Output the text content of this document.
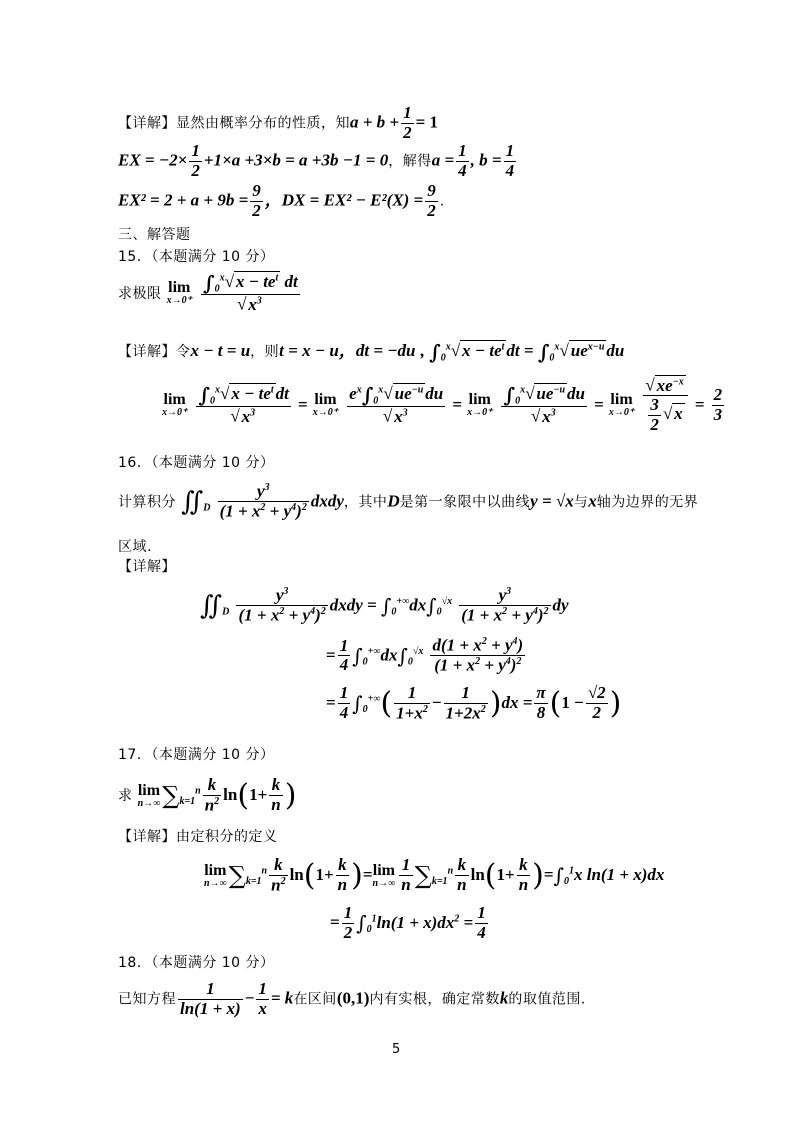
【详解】显然由概率分布的性质，知$a + b + \frac{1}{2} = 1$
EX = $-2\times \frac{1}{2} +1\times a +3\times b = a +3b -1 = 0$，解得$a = \frac{1}{4}$ , $b = \frac{1}{4}$
$EX^2 = 2 + a + 9b = \frac{9}{2}$ ，DX = $EX^2 - E^2(X) = \frac{9}{2}$ .
三、解答题
15．（本题满分 10 分）
求极限 lim
x→0⁺
$\frac{\int_0^x√ x - te^t dt}{√ x^3}$
【详解】令x − t = u，则t = x − u，dt = −du , $\int_0^x√$ $x - te^t$ dt = $\int_0^x√$ $ue^{x-u}$ du
lim
x→0⁺
$\frac{\int_0^x√ x - te^t dt}{√ x^3} = \lim$
x→0⁺
$\frac{e^x\int_0^x√ ue^{-u} du}{√ x^3} = \lim$
x→0⁺
$\frac{\int_0^x√ ue^{-u} du}{√ x^3} = \lim$
x→0⁺
$\frac{√ xe^{-x}}{\frac{3}{2} √ x} = \frac{2}{3}$
16．（本题满分 10 分）
计算积分 $∬_D \frac{y^3}{(1 + x^2 + y^4)^2}$ dxdy，其中D是第一象限中以曲线y = √x与x轴为边界的无界
区域.
【详解】
$∬_D \frac{y^3}{(1 + x^2 + y^4)^2}$ dxdy = $\int_0^{+\infty}dx\int_0^{√x} \frac{y^3}{(1 + x^2 + y^4)^2}$ dy
= $\frac{1}{4} \int_0^{+\infty}dx\int_0^{√x} \frac{d(1 + x^2 + y^4)}{(1 + x^2 + y^4)^2}$
= $\frac{1}{4} \int_0^{+\infty}( \frac{1}{1+x^2} - \frac{1}{1+2x^2} )dx = \frac{\pi}{8} (1 - \frac{√2}{2}$ )
17．（本题满分 10 分）
求 lim
n→∞ $\sum_{k=1}^n \frac{k}{n^2} \ln(1+ \frac{k}{n}$ )
【详解】由定积分的定义
lim
n→∞ $\sum_{k=1}^n \frac{k}{n^2} \ln(1+ \frac{k}{n}$ )= lim
$n\to\infty \frac{1}{n} \sum_{k=1}^n \frac{k}{n} \ln(1+ \frac{k}{n} )=\int_0^1x$ ln(1 + x)dx
= $\frac{1}{2} \int_0^1\ln(1 + x)dx^2 = \frac{1}{4}$
18．（本题满分 10 分）
已知方程 $\frac{1}{\ln(1 + x)} - \frac{1}{x} = k$在区间(0,1)内有实根，确定常数k的取值范围.
5
